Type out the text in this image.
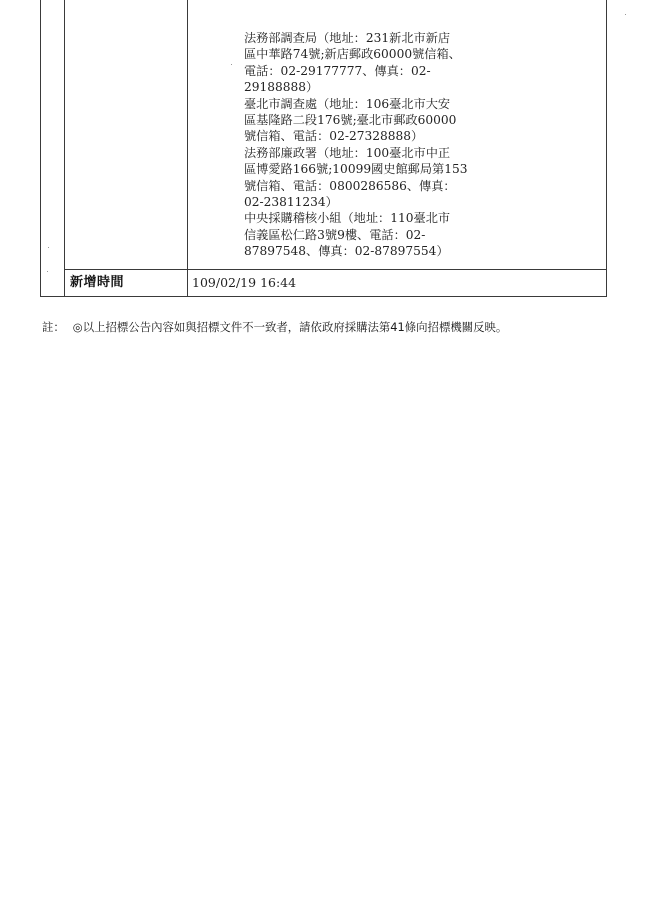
法務部調查局（地址：231新北市新店
區中華路74號;新店郵政60000號信箱、
電話：02-29177777、傳真：02-
29188888）
臺北市調查處（地址：106臺北市大安
區基隆路二段176號;臺北市郵政60000
號信箱、電話：02-27328888）
法務部廉政署（地址：100臺北市中正
區博愛路166號;10099國史館郵局第153
號信箱、電話：0800286586、傳真：
02-23811234）
中央採購稽核小組（地址：110臺北市
信義區松仁路3號9樓、電話：02-
87897548、傳真：02-87897554）
新增時間	109/02/19 16:44
註： ◎以上招標公告內容如與招標文件不一致者，請依政府採購法第41條向招標機關反映。
